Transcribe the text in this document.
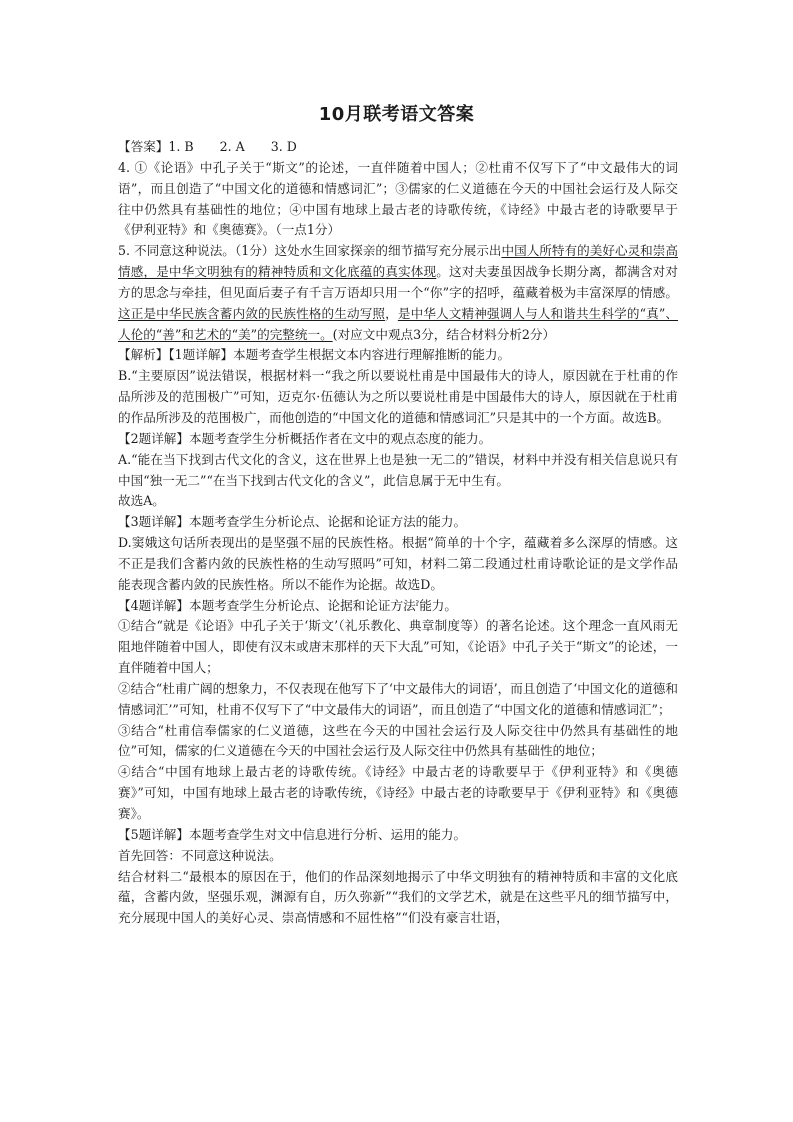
10月联考语文答案

【答案】1. B 2. A 3. D

4. ①《论语》中孔子关于“斯文”的论述，一直伴随着中国人；②杜甫不仅写下了“中文最伟大的词语”，而且创造了“中国文化的道德和情感词汇”；③儒家的仁义道德在今天的中国社会运行及人际交往中仍然具有基础性的地位；④中国有地球上最古老的诗歌传统，《诗经》中最古老的诗歌要早于《伊利亚特》和《奥德赛》。（一点1分）

5. 不同意这种说法。（1分）这处水生回家探亲的细节描写充分展示出中国人所特有的美好心灵和崇高情感，是中华文明独有的精神特质和文化底蕴的真实体现。这对夫妻虽因战争长期分离，都满含对对方的思念与牵挂，但见面后妻子有千言万语却只用一个“你”字的招呼，蕴藏着极为丰富深厚的情感。这正是中华民族含蓄内敛的民族性格的生动写照，是中华人文精神强调人与人和谐共生科学的“真”、人伦的“善”和艺术的“美”的完整统一。(对应文中观点3分，结合材料分析2分）

【解析】【1题详解】本题考查学生根据文本内容进行理解推断的能力。

B.“主要原因”说法错误，根据材料一“我之所以要说杜甫是中国最伟大的诗人，原因就在于杜甫的作品所涉及的范围极广”可知，迈克尔·伍德认为之所以要说杜甫是中国最伟大的诗人，原因就在于杜甫的作品所涉及的范围极广，而他创造的“中国文化的道德和情感词汇”只是其中的一个方面。故选B。

【2题详解】本题考查学生分析概括作者在文中的观点态度的能力。

A.“能在当下找到古代文化的含义，这在世界上也是独一无二的”错误，材料中并没有相关信息说只有中国“独一无二”“在当下找到古代文化的含义”，此信息属于无中生有。

故选A。

【3题详解】本题考查学生分析论点、论据和论证方法的能力。

D.窦娥这句话所表现出的是坚强不屈的民族性格。根据“简单的十个字，蕴藏着多么深厚的情感。这不正是我们含蓄内敛的民族性格的生动写照吗”可知，材料二第二段通过杜甫诗歌论证的是文学作品能表现含蓄内敛的民族性格。所以不能作为论据。故选D。

【4题详解】本题考查学生分析论点、论据和论证方法ˀ能力。

①结合“就是《论语》中孔子关于‘斯文’（礼乐教化、典章制度等）的著名论述。这个理念一直风雨无阻地伴随着中国人，即使有汉末或唐末那样的天下大乱”可知，《论语》中孔子关于“斯文”的论述，一直伴随着中国人；

②结合“杜甫广阔的想象力，不仅表现在他写下了‘中文最伟大的词语’，而且创造了‘中国文化的道德和情感词汇’”可知，杜甫不仅写下了“中文最伟大的词语”，而且创造了“中国文化的道德和情感词汇”；

③结合“杜甫信奉儒家的仁义道德，这些在今天的中国社会运行及人际交往中仍然具有基础性的地位”可知，儒家的仁义道德在今天的中国社会运行及人际交往中仍然具有基础性的地位；

④结合“中国有地球上最古老的诗歌传统。《诗经》中最古老的诗歌要早于《伊利亚特》和《奥德赛》”可知，中国有地球上最古老的诗歌传统，《诗经》中最古老的诗歌要早于《伊利亚特》和《奥德赛》。

【5题详解】本题考查学生对文中信息进行分析、运用的能力。

首先回答：不同意这种说法。

结合材料二“最根本的原因在于，他们的作品深刻地揭示了中华文明独有的精神特质和丰富的文化底蕴，含蓄内敛，坚强乐观，渊源有自，历久弥新”“我们的文学艺术，就是在这些平凡的细节描写中，充分展现中国人的美好心灵、崇高情感和不屈性格”“们没有豪言壮语，
